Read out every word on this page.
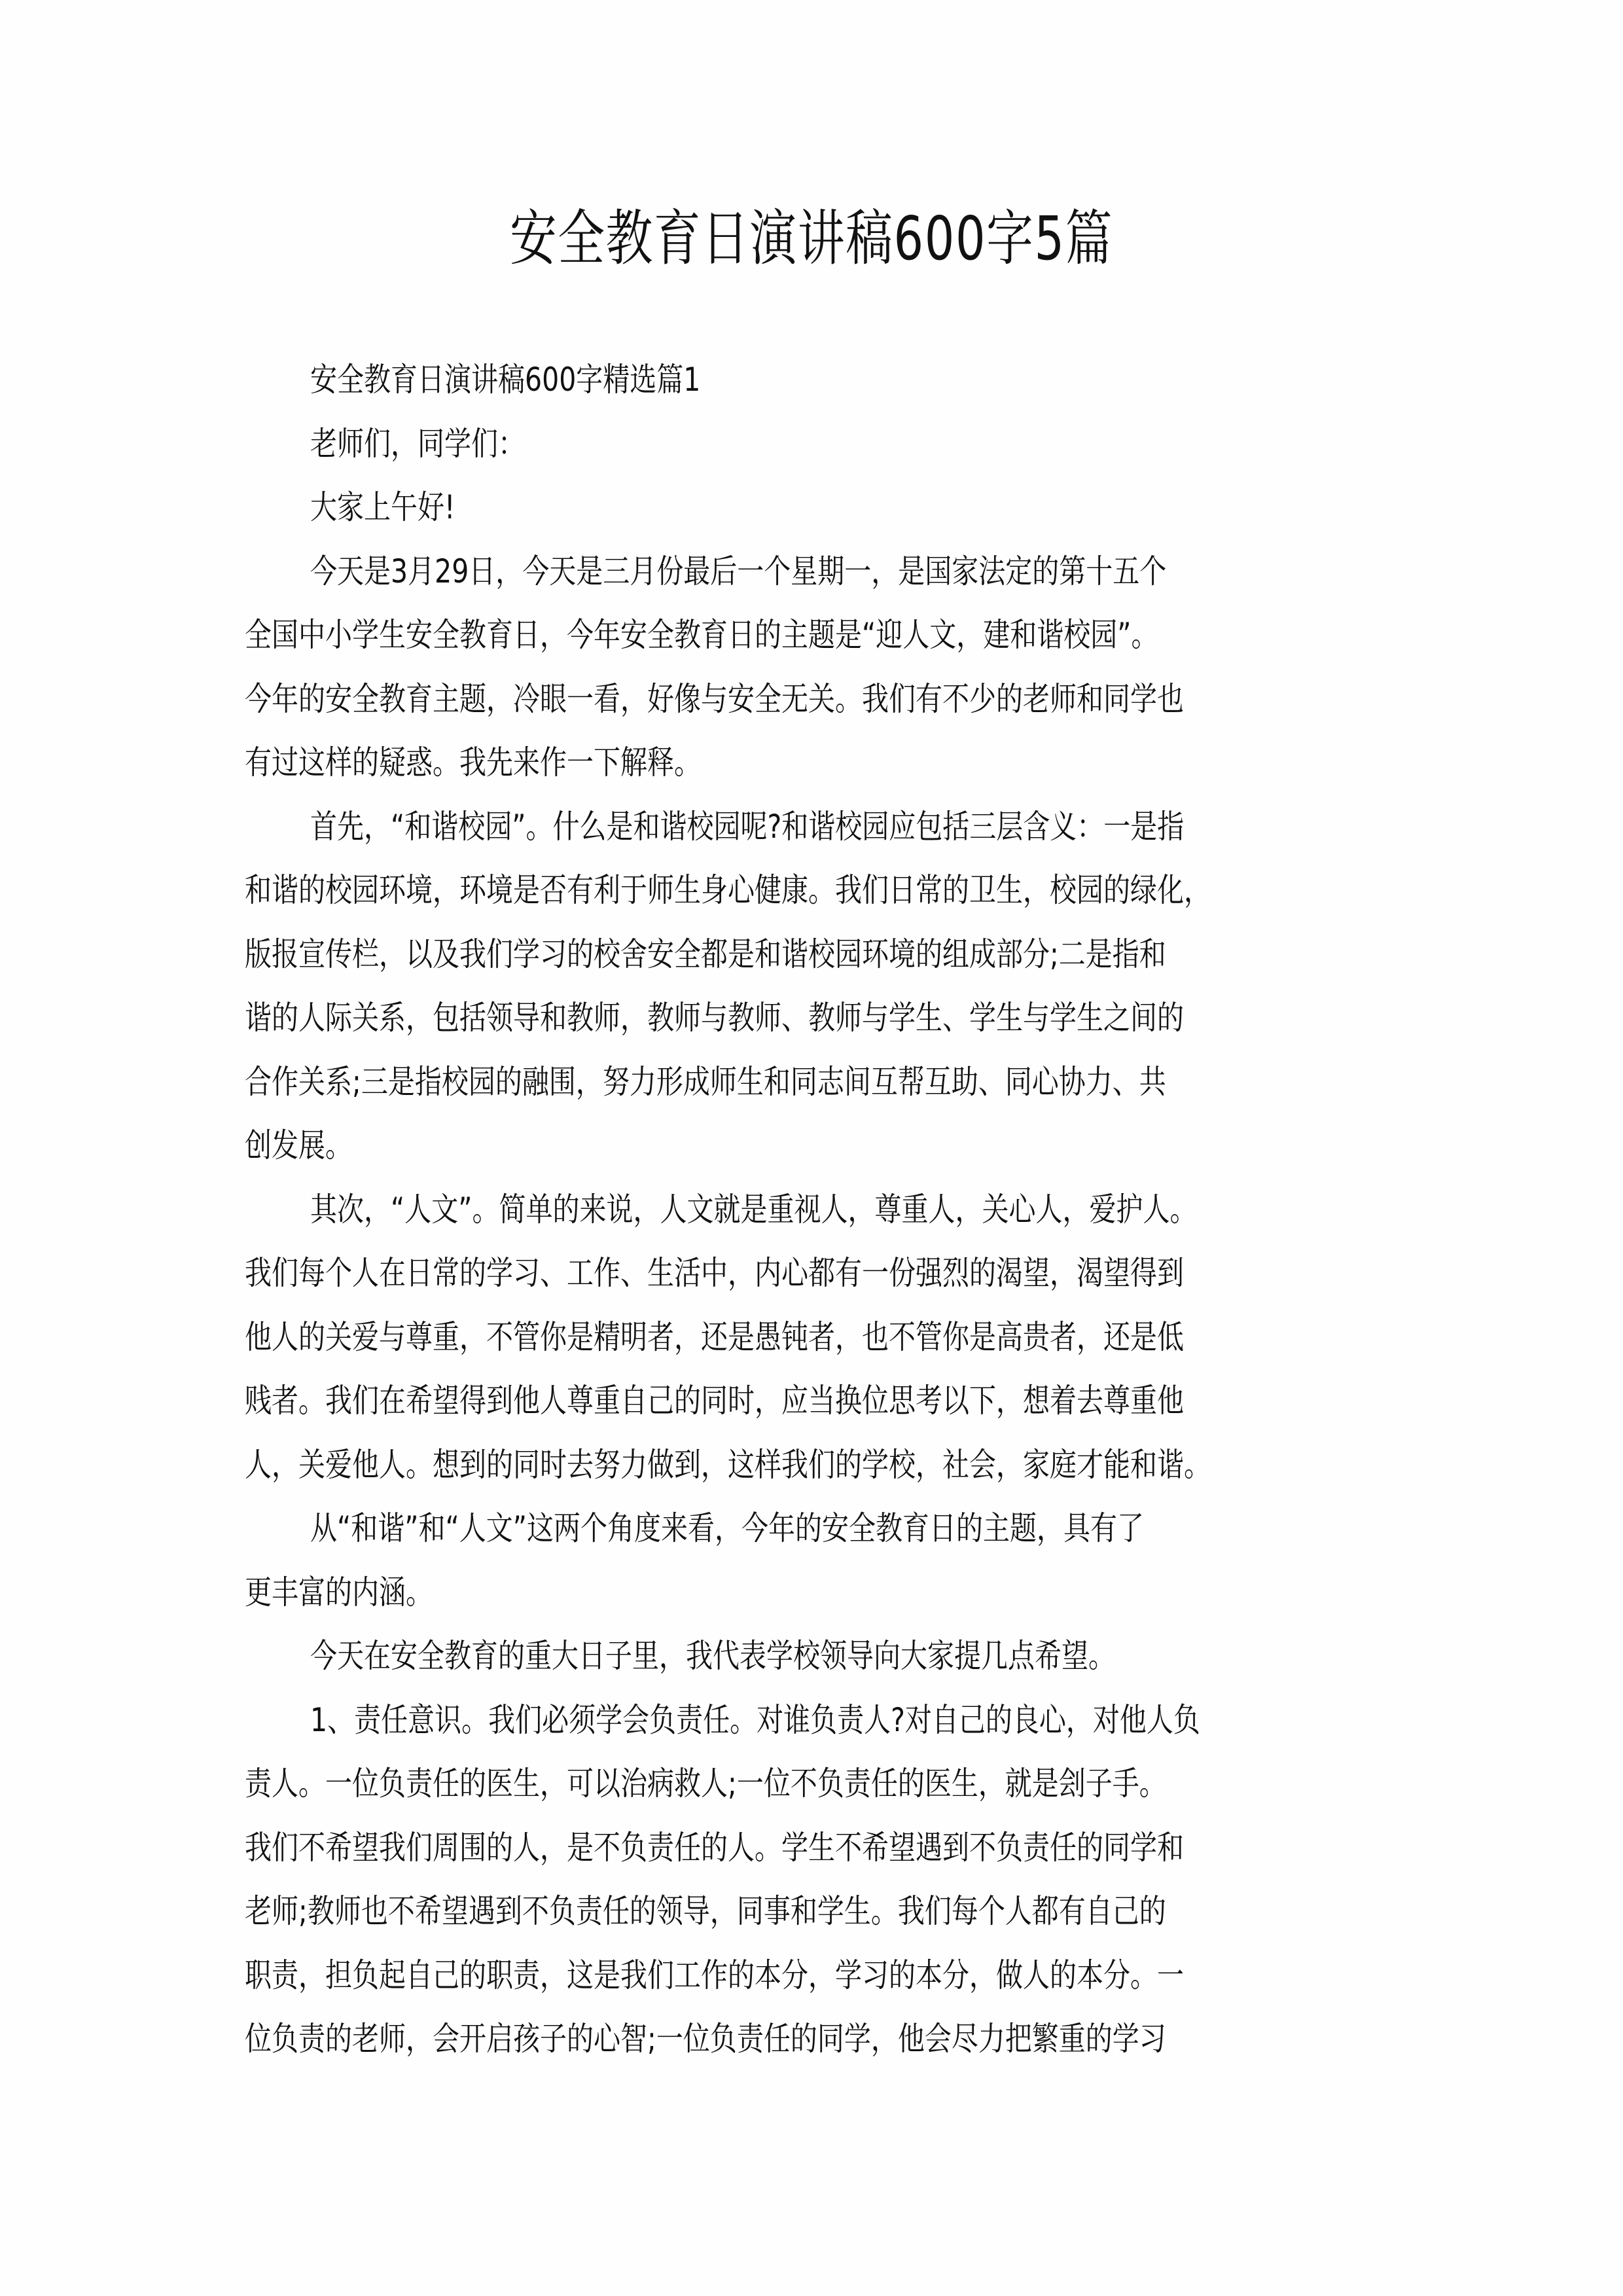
安全教育日演讲稿600字5篇
安全教育日演讲稿600字精选篇1
老师们，同学们：
大家上午好!
今天是3月29日，今天是三月份最后一个星期一，是国家法定的第十五个
全国中小学生安全教育日，今年安全教育日的主题是“迎人文，建和谐校园”。
今年的安全教育主题，冷眼一看，好像与安全无关。我们有不少的老师和同学也
有过这样的疑惑。我先来作一下解释。
首先，“和谐校园”。什么是和谐校园呢?和谐校园应包括三层含义：一是指
和谐的校园环境，环境是否有利于师生身心健康。我们日常的卫生，校园的绿化，
版报宣传栏，以及我们学习的校舍安全都是和谐校园环境的组成部分;二是指和
谐的人际关系，包括领导和教师，教师与教师、教师与学生、学生与学生之间的
合作关系;三是指校园的融围，努力形成师生和同志间互帮互助、同心协力、共
创发展。
其次，“人文”。简单的来说，人文就是重视人，尊重人，关心人，爱护人。
我们每个人在日常的学习、工作、生活中，内心都有一份强烈的渴望，渴望得到
他人的关爱与尊重，不管你是精明者，还是愚钝者，也不管你是高贵者，还是低
贱者。我们在希望得到他人尊重自己的同时，应当换位思考以下，想着去尊重他
人，关爱他人。想到的同时去努力做到，这样我们的学校，社会，家庭才能和谐。
从“和谐”和“人文”这两个角度来看，今年的安全教育日的主题，具有了
更丰富的内涵。
今天在安全教育的重大日子里，我代表学校领导向大家提几点希望。
1、责任意识。我们必须学会负责任。对谁负责人?对自己的良心，对他人负
责人。一位负责任的医生，可以治病救人;一位不负责任的医生，就是刽子手。
我们不希望我们周围的人，是不负责任的人。学生不希望遇到不负责任的同学和
老师;教师也不希望遇到不负责任的领导，同事和学生。我们每个人都有自己的
职责，担负起自己的职责，这是我们工作的本分，学习的本分，做人的本分。一
位负责的老师，会开启孩子的心智;一位负责任的同学，他会尽力把繁重的学习
